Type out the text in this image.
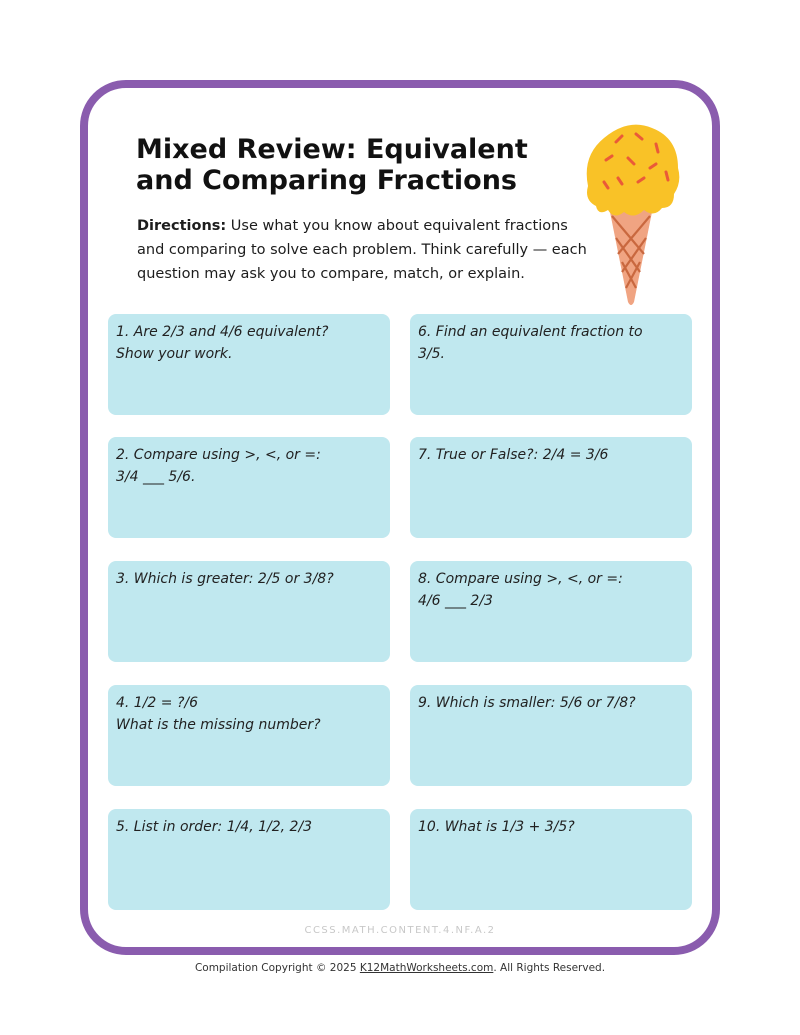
Mixed Review: Equivalent
and Comparing Fractions

Directions: Use what you know about equivalent fractions and comparing to solve each problem. Think carefully — each question may ask you to compare, match, or explain.

1. Are 2/3 and 4/6 equivalent?
Show your work.
2. Compare using >, <, or =:
3/4 ___ 5/6.
3. Which is greater: 2/5 or 3/8?
4. 1/2 = ?/6
What is the missing number?
5. List in order: 1/4, 1/2, 2/3
6. Find an equivalent fraction to
3/5.
7. True or False?: 2/4 = 3/6
8. Compare using >, <, or =:
4/6 ___ 2/3
9. Which is smaller: 5/6 or 7/8?
10. What is 1/3 + 3/5?
CCSS.MATH.CONTENT.4.NF.A.2
Compilation Copyright © 2025 K12MathWorksheets.com. All Rights Reserved.
